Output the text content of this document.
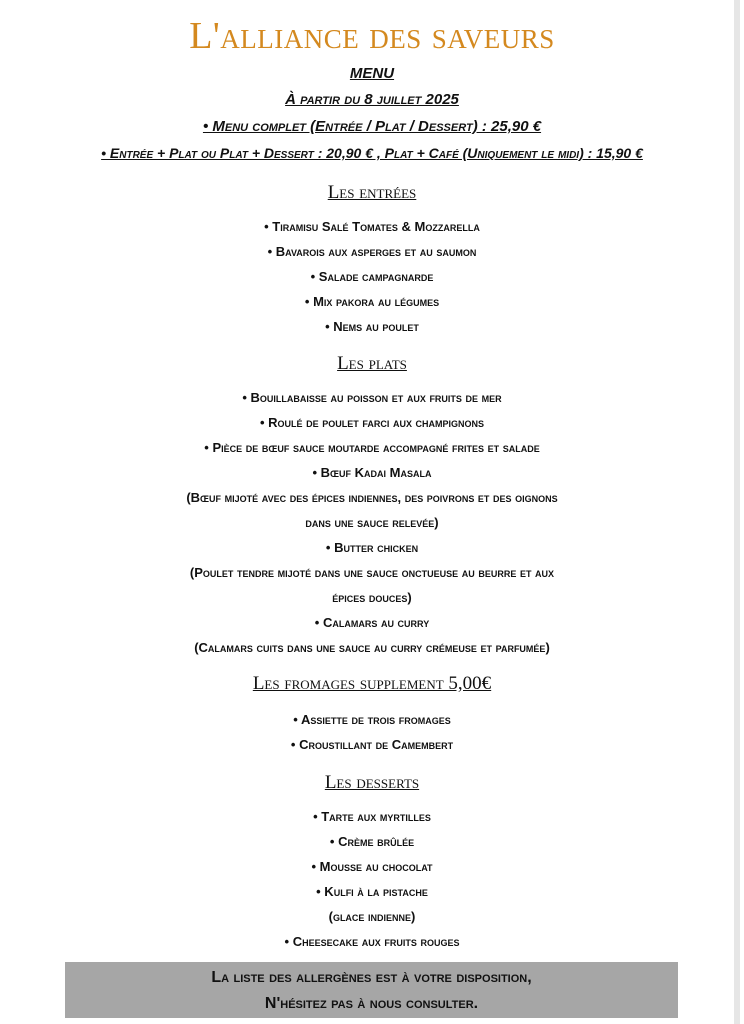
L'alliance des saveurs
MENU
À partir du 8 juillet 2025
• Menu complet (Entrée / Plat / Dessert) : 25,90 €
• Entrée + Plat ou Plat + Dessert : 20,90 € , Plat + Café (Uniquement le midi) : 15,90 €
Les entrées
• Tiramisu Salé Tomates & Mozzarella
• Bavarois aux asperges et au saumon
• Salade campagnarde
• Mix pakora au légumes
• Nems au poulet
Les plats
• Bouillabaisse au poisson et aux fruits de mer
• Roulé de poulet farci aux champignons
• Pièce de bœuf sauce moutarde accompagné frites et salade
• Bœuf Kadai Masala
(Bœuf mijoté avec des épices indiennes, des poivrons et des oignons
dans une sauce relevée)
• Butter chicken
(Poulet tendre mijoté dans une sauce onctueuse au beurre et aux
épices douces)
• Calamars au curry
(Calamars cuits dans une sauce au curry crémeuse et parfumée)
Les fromages supplement 5,00€
• Assiette de trois fromages
• Croustillant de Camembert
Les desserts
• Tarte aux myrtilles
• Crème brûlée
• Mousse au chocolat
• Kulfi à la pistache
(glace indienne)
• Cheesecake aux fruits rouges
La liste des allergènes est à votre disposition,
N'hésitez pas à nous consulter.
